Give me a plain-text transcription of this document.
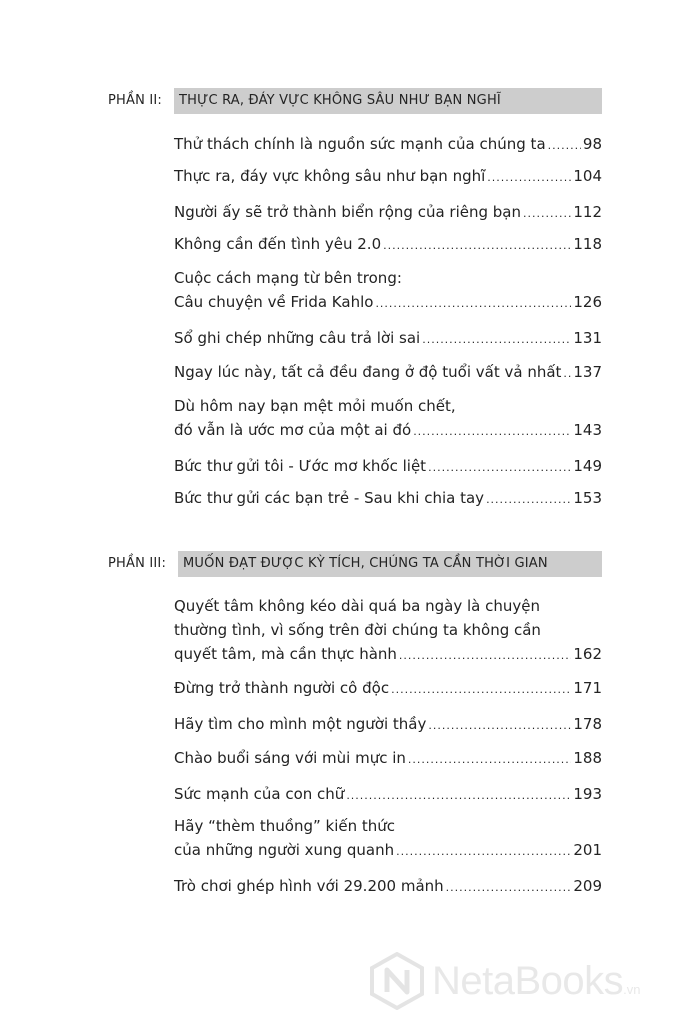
PHẦN II:	THỰC RA, ĐÁY VỰC KHÔNG SÂU NHƯ BẠN NGHĨ
Thử thách chính là nguồn sức mạnh của chúng ta ..... 98
Thực ra, đáy vực không sâu như bạn nghĩ .....	104
Người ấy sẽ trở thành biển rộng của riêng bạn .....	112
Không cần đến tình yêu 2.0 .....	118
Cuộc cách mạng từ bên trong:
Câu chuyện về Frida Kahlo .....	126
Sổ ghi chép những câu trả lời sai .....	131
Ngay lúc này, tất cả đều đang ở độ tuổi vất vả nhất ..... 137
Dù hôm nay bạn mệt mỏi muốn chết,
đó vẫn là ước mơ của một ai đó .....	143
Bức thư gửi tôi - Ước mơ khốc liệt .....	149
Bức thư gửi các bạn trẻ - Sau khi chia tay .....	153
PHẦN III:	MUỐN ĐẠT ĐƯỢC KỲ TÍCH, CHÚNG TA CẦN THỜI GIAN
Quyết tâm không kéo dài quá ba ngày là chuyện
thường tình, vì sống trên đời chúng ta không cần
quyết tâm, mà cần thực hành .....	162
Đừng trở thành người cô độc .....	171
Hãy tìm cho mình một người thầy .....	178
Chào buổi sáng với mùi mực in .....	188
Sức mạnh của con chữ .....	193
Hãy “thèm thuồng” kiến thức
của những người xung quanh .....	201
Trò chơi ghép hình với 29.200 mảnh .....	209
NetaBooks.vn
